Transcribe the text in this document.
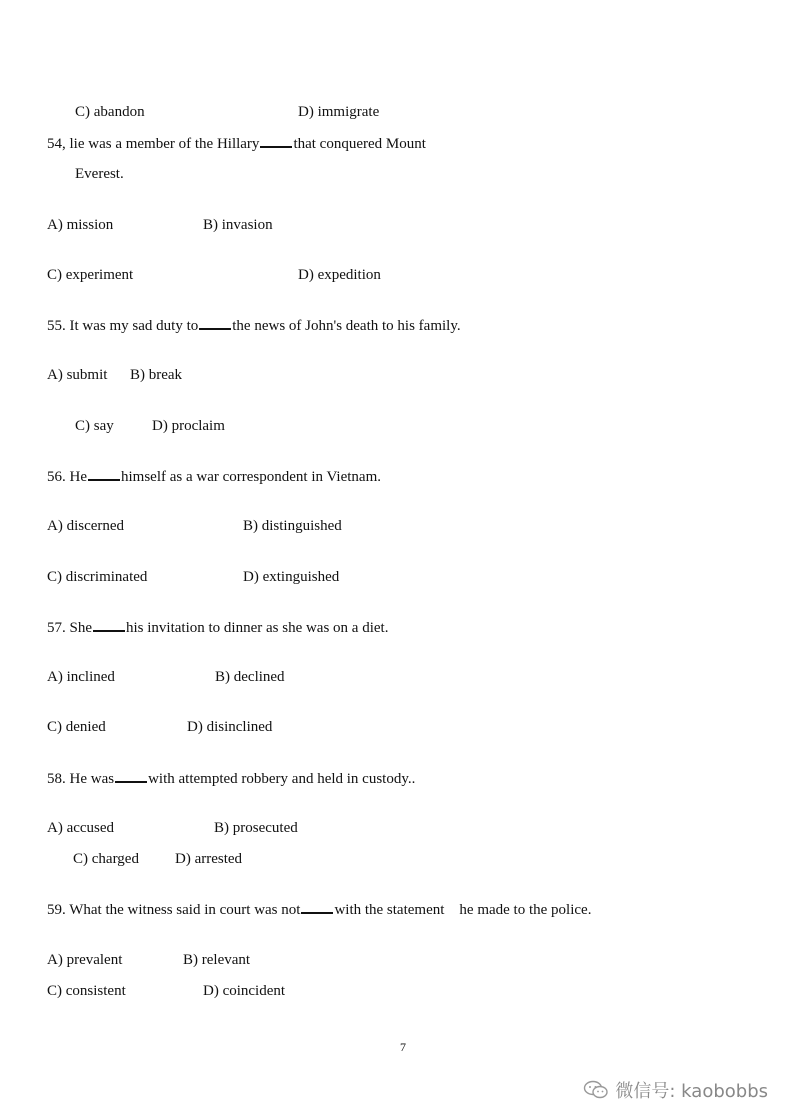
C) abandon	D) immigrate
54, lie was a member of the Hillary that conquered Mount
Everest.
A) mission	B) invasion
C) experiment	D) expedition
55. It was my sad duty to the news of John's death to his family.
A) submit B) break
C) say	D) proclaim
56. He himself as a war correspondent in Vietnam.
A) discerned	B) distinguished
C) discriminated	D) extinguished
57. She his invitation to dinner as she was on a diet.
A) inclined	B) declined
C) denied	D) disinclined
58. He was with attempted robbery and held in custody..
A) accused	B) prosecuted
C) charged D) arrested
59. What the witness said in court was not with the statement    he made to the police.
A) prevalent	B) relevant
C) consistent	D) coincident
7
微信号: kaobobbs
